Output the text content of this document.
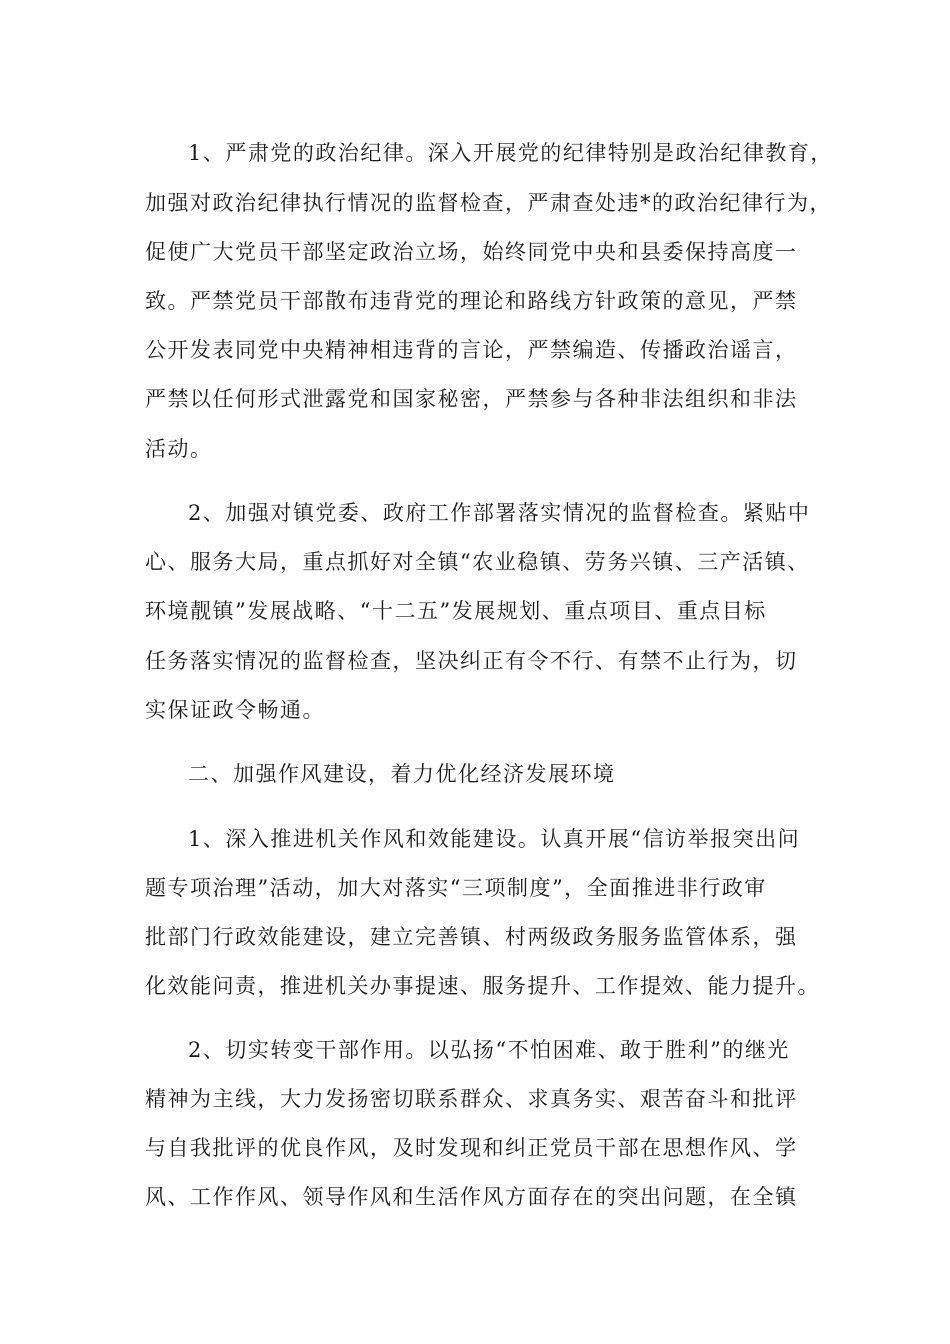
1、严肃党的政治纪律。深入开展党的纪律特别是政治纪律教育，
加强对政治纪律执行情况的监督检查，严肃查处违*的政治纪律行为，
促使广大党员干部坚定政治立场，始终同党中央和县委保持高度一
致。严禁党员干部散布违背党的理论和路线方针政策的意见，严禁
公开发表同党中央精神相违背的言论，严禁编造、传播政治谣言，
严禁以任何形式泄露党和国家秘密，严禁参与各种非法组织和非法
活动。
2、加强对镇党委、政府工作部署落实情况的监督检查。紧贴中
心、服务大局，重点抓好对全镇“农业稳镇、劳务兴镇、三产活镇、
环境靓镇”发展战略、“十二五”发展规划、重点项目、重点目标
任务落实情况的监督检查，坚决纠正有令不行、有禁不止行为，切
实保证政令畅通。
二、加强作风建设，着力优化经济发展环境
1、深入推进机关作风和效能建设。认真开展“信访举报突出问
题专项治理”活动，加大对落实“三项制度”，全面推进非行政审
批部门行政效能建设，建立完善镇、村两级政务服务监管体系，强
化效能问责，推进机关办事提速、服务提升、工作提效、能力提升。
2、切实转变干部作用。以弘扬“不怕困难、敢于胜利”的继光
精神为主线，大力发扬密切联系群众、求真务实、艰苦奋斗和批评
与自我批评的优良作风，及时发现和纠正党员干部在思想作风、学
风、工作作风、领导作风和生活作风方面存在的突出问题，在全镇
